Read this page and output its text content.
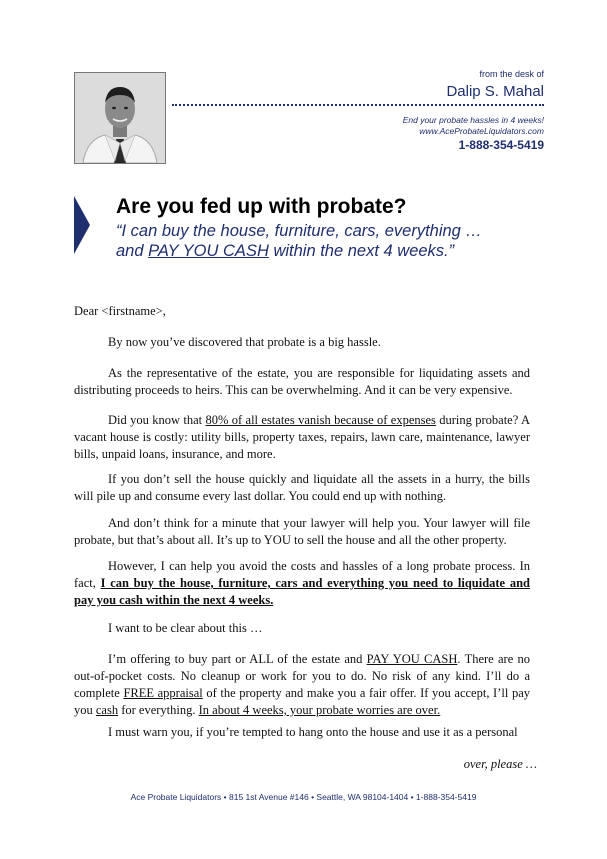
from the desk of
Dalip S. Mahal
End your probate hassles in 4 weeks!
www.AceProbateLiquidators.com
1-888-354-5419
Are you fed up with probate?
“I can buy the house, furniture, cars, everything …
and PAY YOU CASH within the next 4 weeks.”
Dear <firstname>,
By now you’ve discovered that probate is a big hassle.
As the representative of the estate, you are responsible for liquidating assets and distributing proceeds to heirs. This can be overwhelming. And it can be very expensive.
Did you know that 80% of all estates vanish because of expenses during probate? A vacant house is costly: utility bills, property taxes, repairs, lawn care, maintenance, lawyer bills, unpaid loans, insurance, and more.
If you don’t sell the house quickly and liquidate all the assets in a hurry, the bills will pile up and consume every last dollar. You could end up with nothing.
And don’t think for a minute that your lawyer will help you. Your lawyer will file probate, but that’s about all. It’s up to YOU to sell the house and all the other property.
However, I can help you avoid the costs and hassles of a long probate process. In fact, I can buy the house, furniture, cars and everything you need to liquidate and pay you cash within the next 4 weeks.
I want to be clear about this …
I’m offering to buy part or ALL of the estate and PAY YOU CASH. There are no out-of-pocket costs. No cleanup or work for you to do. No risk of any kind. I’ll do a complete FREE appraisal of the property and make you a fair offer. If you accept, I’ll pay you cash for everything. In about 4 weeks, your probate worries are over.
I must warn you, if you’re tempted to hang onto the house and use it as a personal
over, please …
Ace Probate Liquidators • 815 1st Avenue #146 • Seattle, WA 98104-1404 • 1-888-354-5419
